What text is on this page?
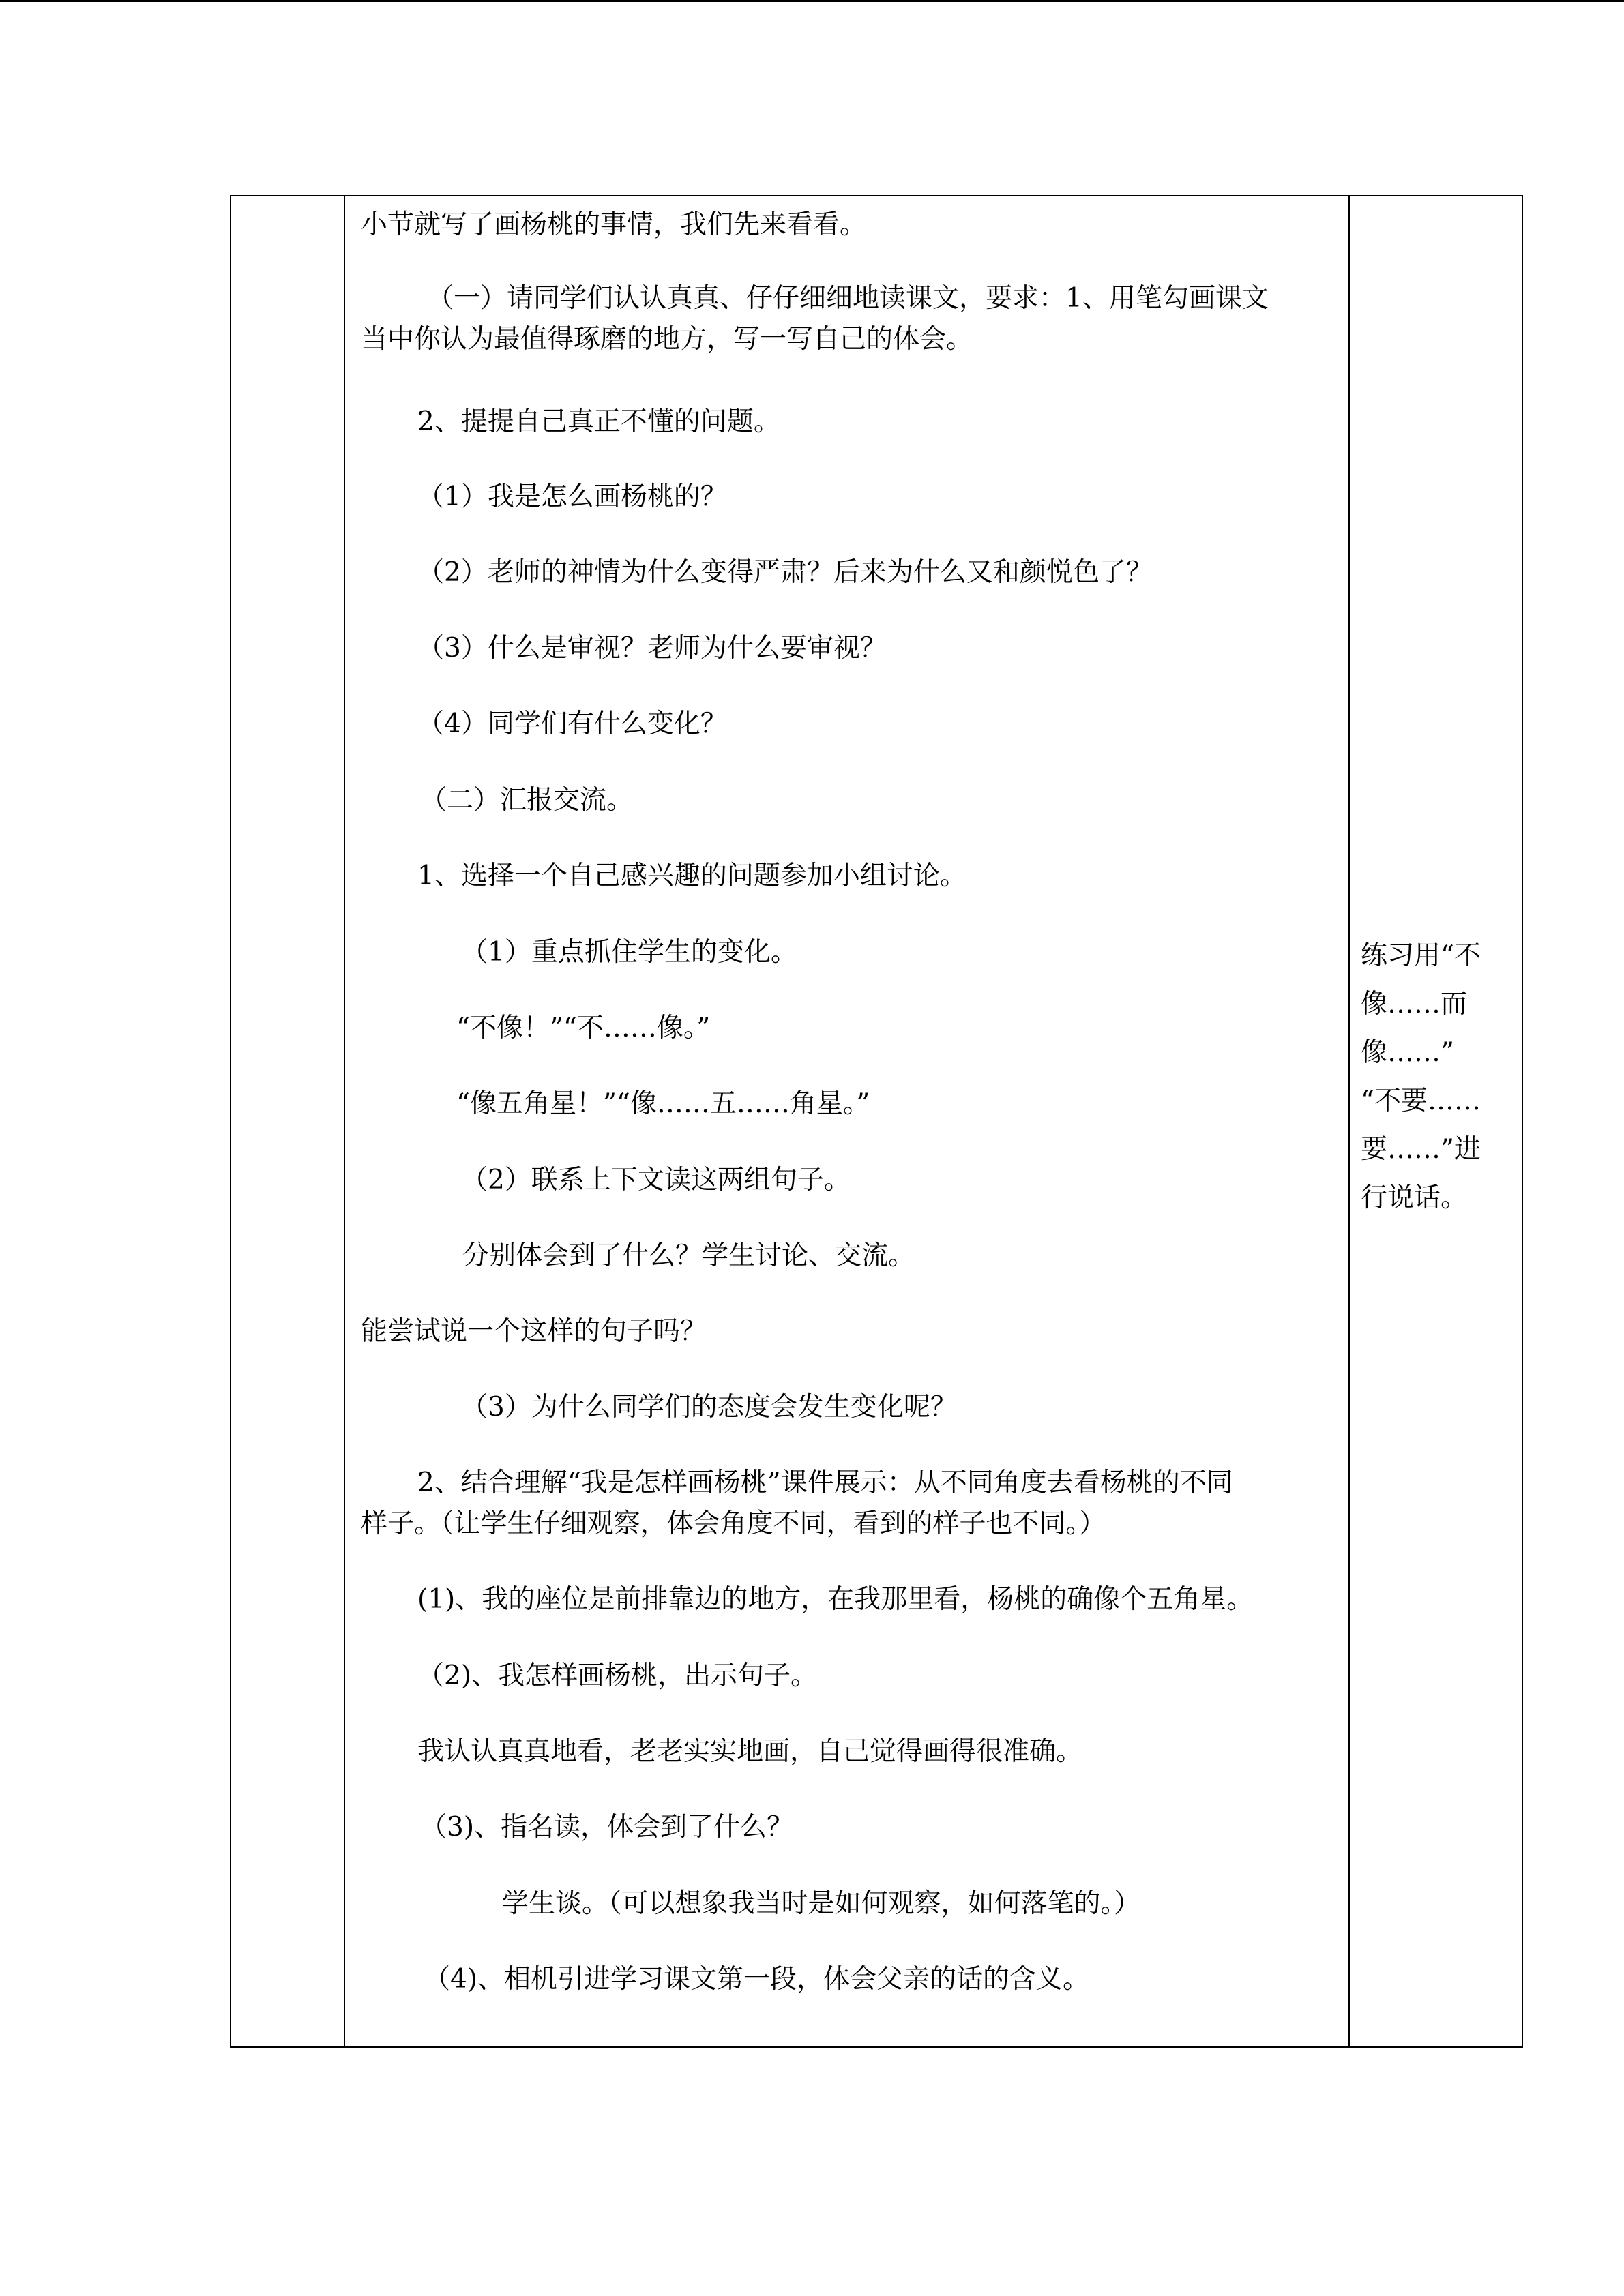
小节就写了画杨桃的事情，我们先来看看。
（一）请同学们认认真真、仔仔细细地读课文，要求：1、用笔勾画课文
当中你认为最值得琢磨的地方，写一写自己的体会。
2、提提自己真正不懂的问题。
（1）我是怎么画杨桃的？
（2）老师的神情为什么变得严肃？后来为什么又和颜悦色了？
（3）什么是审视？老师为什么要审视？
（4）同学们有什么变化？
（二）汇报交流。
1、选择一个自己感兴趣的问题参加小组讨论。
（1）重点抓住学生的变化。
“不像！”“不……像。”
“像五角星！”“像……五……角星。”
（2）联系上下文读这两组句子。
分别体会到了什么？学生讨论、交流。
能尝试说一个这样的句子吗？
（3）为什么同学们的态度会发生变化呢？
2、结合理解“我是怎样画杨桃”课件展示：从不同角度去看杨桃的不同
样子。（让学生仔细观察，体会角度不同，看到的样子也不同。）
(1)、我的座位是前排靠边的地方，在我那里看，杨桃的确像个五角星。
（2)、我怎样画杨桃，出示句子。
我认认真真地看，老老实实地画，自己觉得画得很准确。
（3)、指名读，体会到了什么？
学生谈。（可以想象我当时是如何观察，如何落笔的。）
（4)、相机引进学习课文第一段，体会父亲的话的含义。
练习用“不
像……而
像……”
“不要……
要……”进
行说话。
